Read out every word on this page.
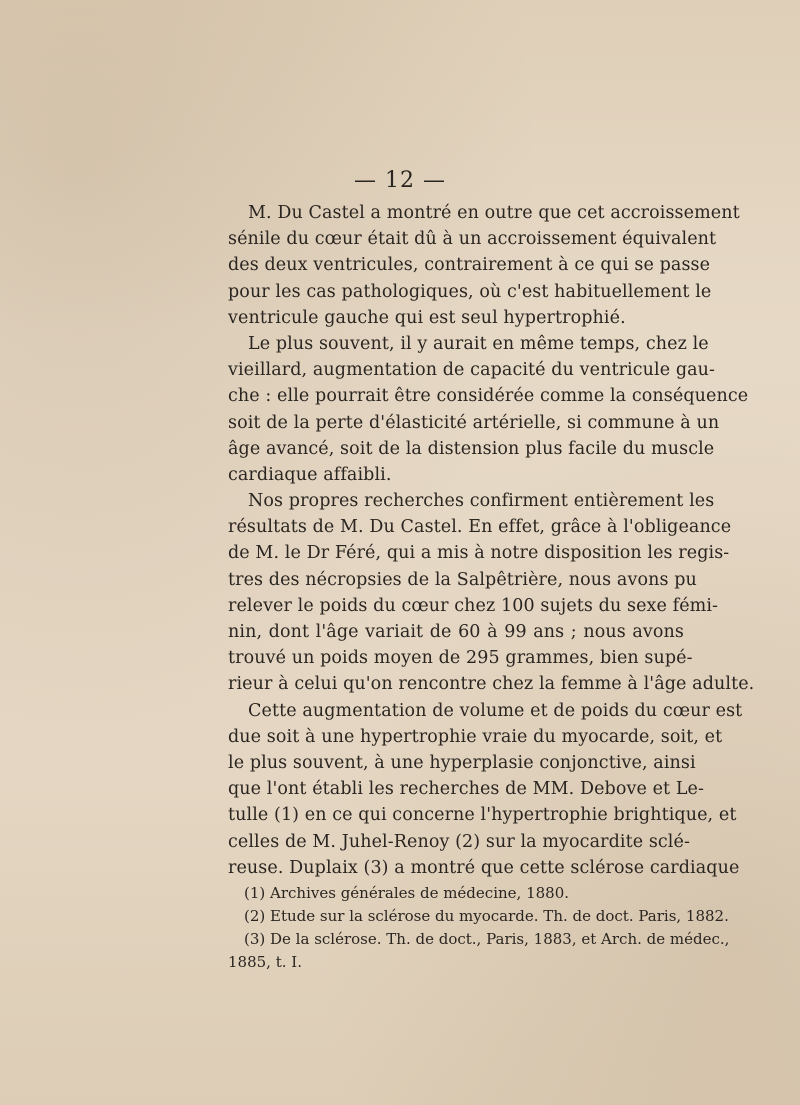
— 12 —
M. Du Castel a montré en outre que cet accroissement
sénile du cœur était dû à un accroissement équivalent
des deux ventricules, contrairement à ce qui se passe
pour les cas pathologiques, où c'est habituellement le
ventricule gauche qui est seul hypertrophié.
Le plus souvent, il y aurait en même temps, chez le
vieillard, augmentation de capacité du ventricule gau-
che : elle pourrait être considérée comme la conséquence
soit de la perte d'élasticité artérielle, si commune à un
âge avancé, soit de la distension plus facile du muscle
cardiaque affaibli.
Nos propres recherches confirment entièrement les
résultats de M. Du Castel. En effet, grâce à l'obligeance
de M. le Dr Féré, qui a mis à notre disposition les regis-
tres des nécropsies de la Salpêtrière, nous avons pu
relever le poids du cœur chez 100 sujets du sexe fémi-
nin, dont l'âge variait de 60 à 99 ans ; nous avons
trouvé un poids moyen de 295 grammes, bien supé-
rieur à celui qu'on rencontre chez la femme à l'âge adulte.
Cette augmentation de volume et de poids du cœur est
due soit à une hypertrophie vraie du myocarde, soit, et
le plus souvent, à une hyperplasie conjonctive, ainsi
que l'ont établi les recherches de MM. Debove et Le-
tulle (1) en ce qui concerne l'hypertrophie brightique, et
celles de M. Juhel-Renoy (2) sur la myocardite sclé-
reuse. Duplaix (3) a montré que cette sclérose cardiaque
(1) Archives générales de médecine, 1880.
(2) Etude sur la sclérose du myocarde. Th. de doct. Paris, 1882.
(3) De la sclérose. Th. de doct., Paris, 1883, et Arch. de médec.,
1885, t. I.
